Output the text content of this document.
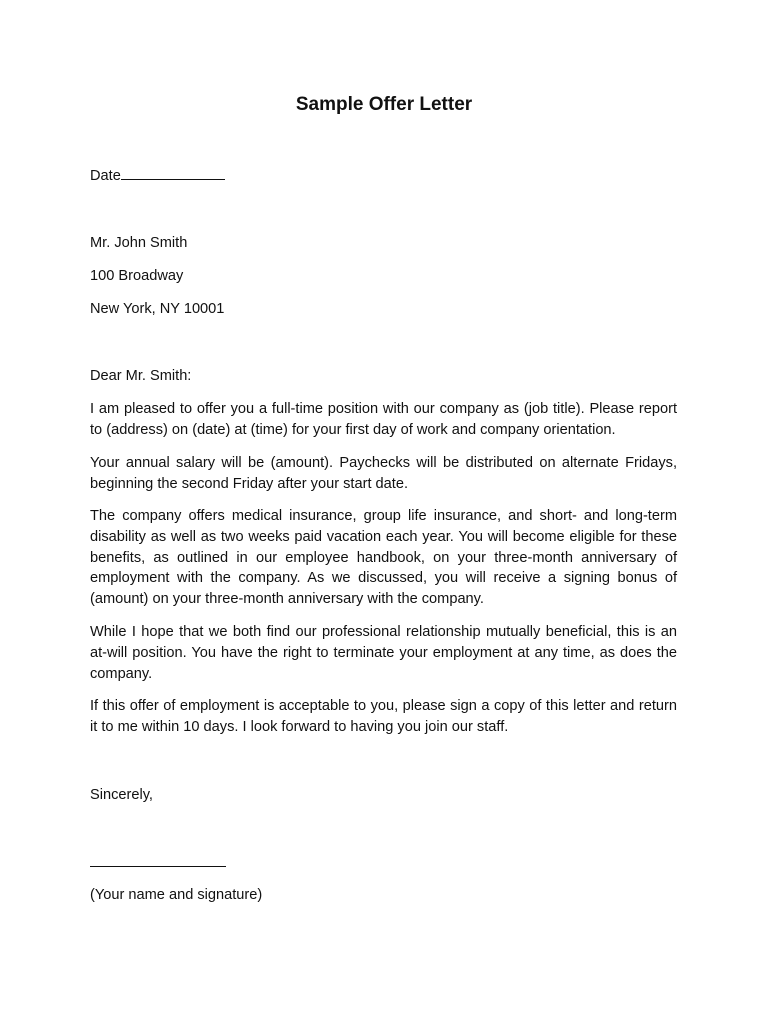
Sample Offer Letter
Date
Mr. John Smith
100 Broadway
New York, NY 10001
Dear Mr. Smith:

I am pleased to offer you a full-time position with our company as (job title). Please report to (address) on (date) at (time) for your first day of work and company orientation.

Your annual salary will be (amount). Paychecks will be distributed on alternate Fridays, beginning the second Friday after your start date.

The company offers medical insurance, group life insurance, and short- and long-term disability as well as two weeks paid vacation each year. You will become eligible for these benefits, as outlined in our employee handbook, on your three-month anniversary of employment with the company. As we discussed, you will receive a signing bonus of (amount) on your three-month anniversary with the company.

While I hope that we both find our professional relationship mutually beneficial, this is an at-will position. You have the right to terminate your employment at any time, as does the company.

If this offer of employment is acceptable to you, please sign a copy of this letter and return it to me within 10 days. I look forward to having you join our staff.

Sincerely,
(Your name and signature)
